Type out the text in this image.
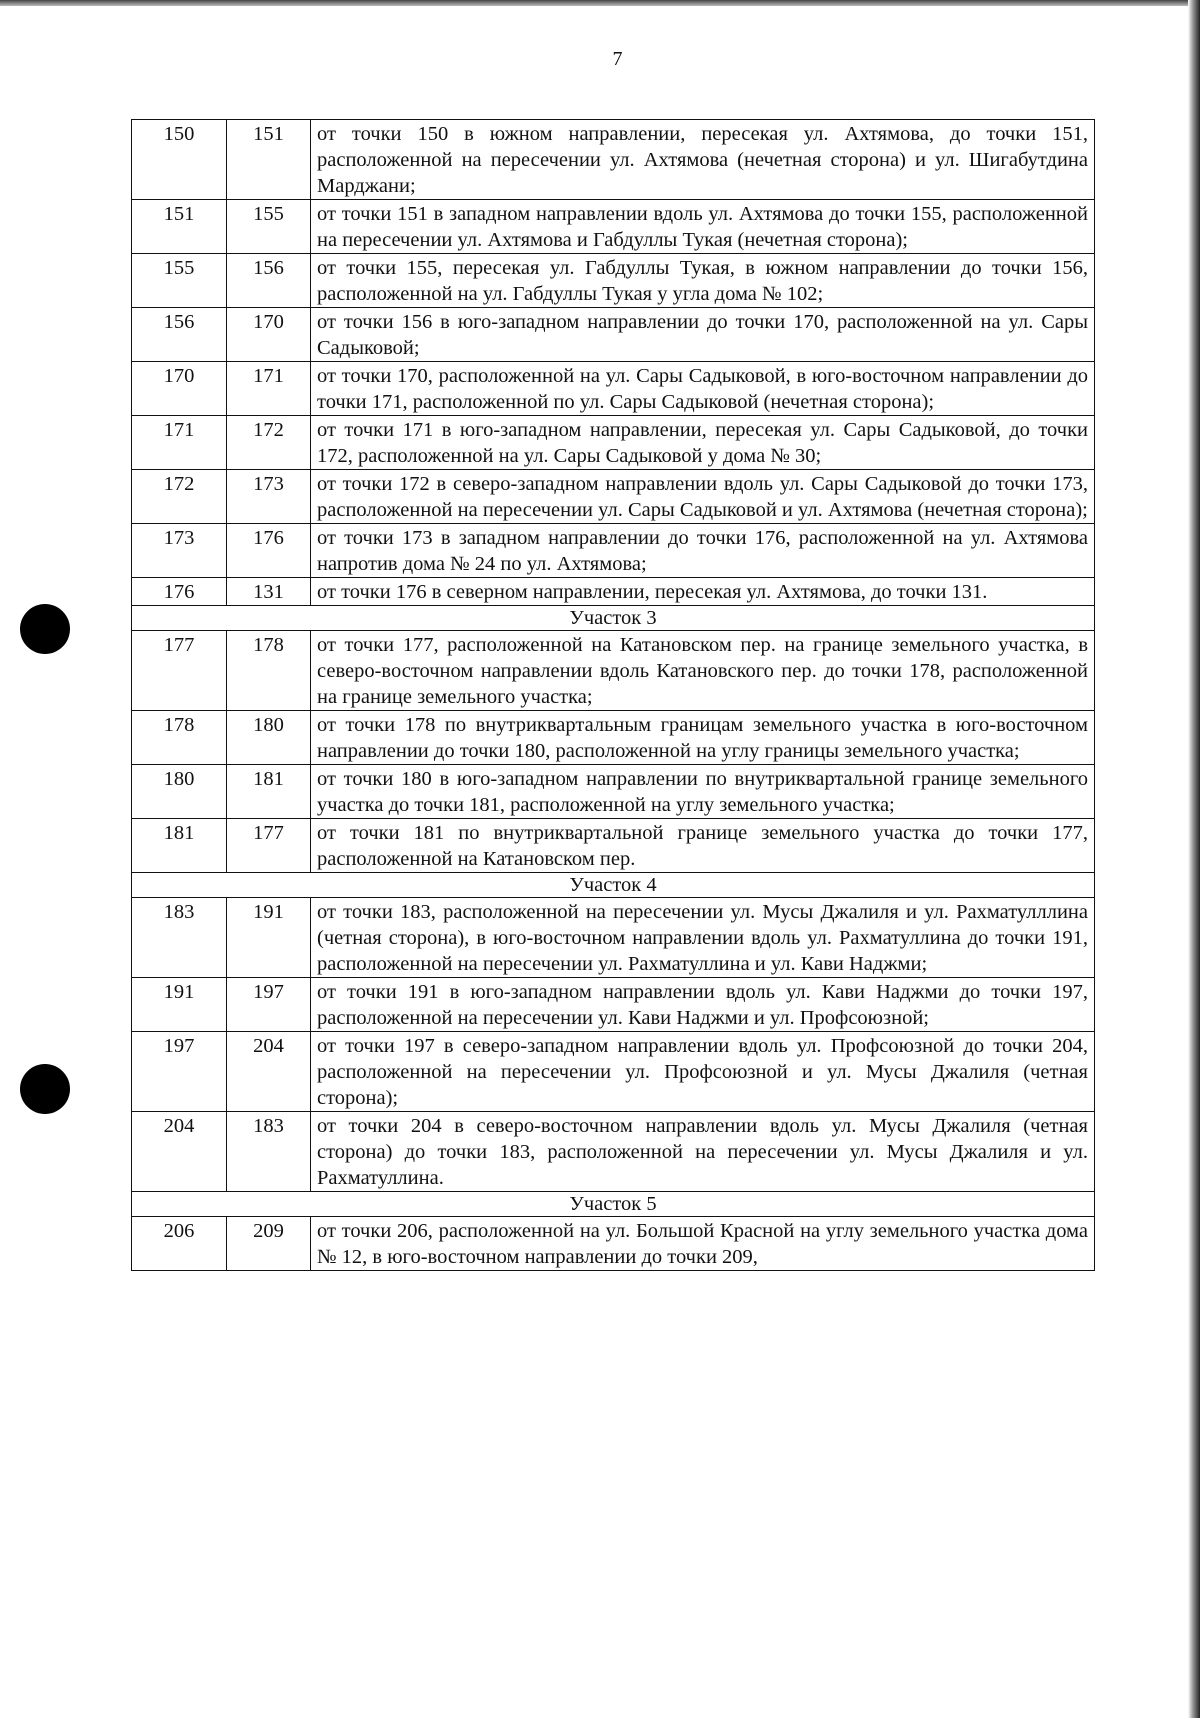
7
150	151	от точки 150 в южном направлении, пересекая ул. Ахтямова, до точки 151, расположенной на пересечении ул. Ахтямова (нечетная сторона) и ул. Шигабутдина Марджани;
151	155	от точки 151 в западном направлении вдоль ул. Ахтямова до точки 155, расположенной на пересечении ул. Ахтямова и Габдуллы Тукая (нечетная сторона);
155	156	от точки 155, пересекая ул. Габдуллы Тукая, в южном направлении до точки 156, расположенной на ул. Габдуллы Тукая у угла дома № 102;
156	170	от точки 156 в юго-западном направлении до точки 170, расположенной на ул. Сары Садыковой;
170	171	от точки 170, расположенной на ул. Сары Садыковой, в юго-восточном направлении до точки 171, расположенной по ул. Сары Садыковой (нечетная сторона);
171	172	от точки 171 в юго-западном направлении, пересекая ул. Сары Садыковой, до точки 172, расположенной на ул. Сары Садыковой у дома № 30;
172	173	от точки 172 в северо-западном направлении вдоль ул. Сары Садыковой до точки 173, расположенной на пересечении ул. Сары Садыковой и ул. Ахтямова (нечетная сторона);
173	176	от точки 173 в западном направлении до точки 176, расположенной на ул. Ахтямова напротив дома № 24 по ул. Ахтямова;
176	131	от точки 176 в северном направлении, пересекая ул. Ахтямова, до точки 131.
Участок 3		
177	178	от точки 177, расположенной на Катановском пер. на границе земельного участка, в северо-восточном направлении вдоль Катановского пер. до точки 178, расположенной на границе земельного участка;
178	180	от точки 178 по внутриквартальным границам земельного участка в юго-восточном направлении до точки 180, расположенной на углу границы земельного участка;
180	181	от точки 180 в юго-западном направлении по внутриквартальной границе земельного участка до точки 181, расположенной на углу земельного участка;
181	177	от точки 181 по внутриквартальной границе земельного участка до точки 177, расположенной на Катановском пер.
Участок 4		
183	191	от точки 183, расположенной на пересечении ул. Мусы Джалиля и ул. Рахматулллина (четная сторона), в юго-восточном направлении вдоль ул. Рахматуллина до точки 191, расположенной на пересечении ул. Рахматуллина и ул. Кави Наджми;
191	197	от точки 191 в юго-западном направлении вдоль ул. Кави Наджми до точки 197, расположенной на пересечении ул. Кави Наджми и ул. Профсоюзной;
197	204	от точки 197 в северо-западном направлении вдоль ул. Профсоюзной до точки 204, расположенной на пересечении ул. Профсоюзной и ул. Мусы Джалиля (четная сторона);
204	183	от точки 204 в северо-восточном направлении вдоль ул. Мусы Джалиля (четная сторона) до точки 183, расположенной на пересечении ул. Мусы Джалиля и ул. Рахматуллина.
Участок 5		
206	209	от точки 206, расположенной на ул. Большой Красной на углу земельного участка дома № 12, в юго-восточном направлении до точки 209,
